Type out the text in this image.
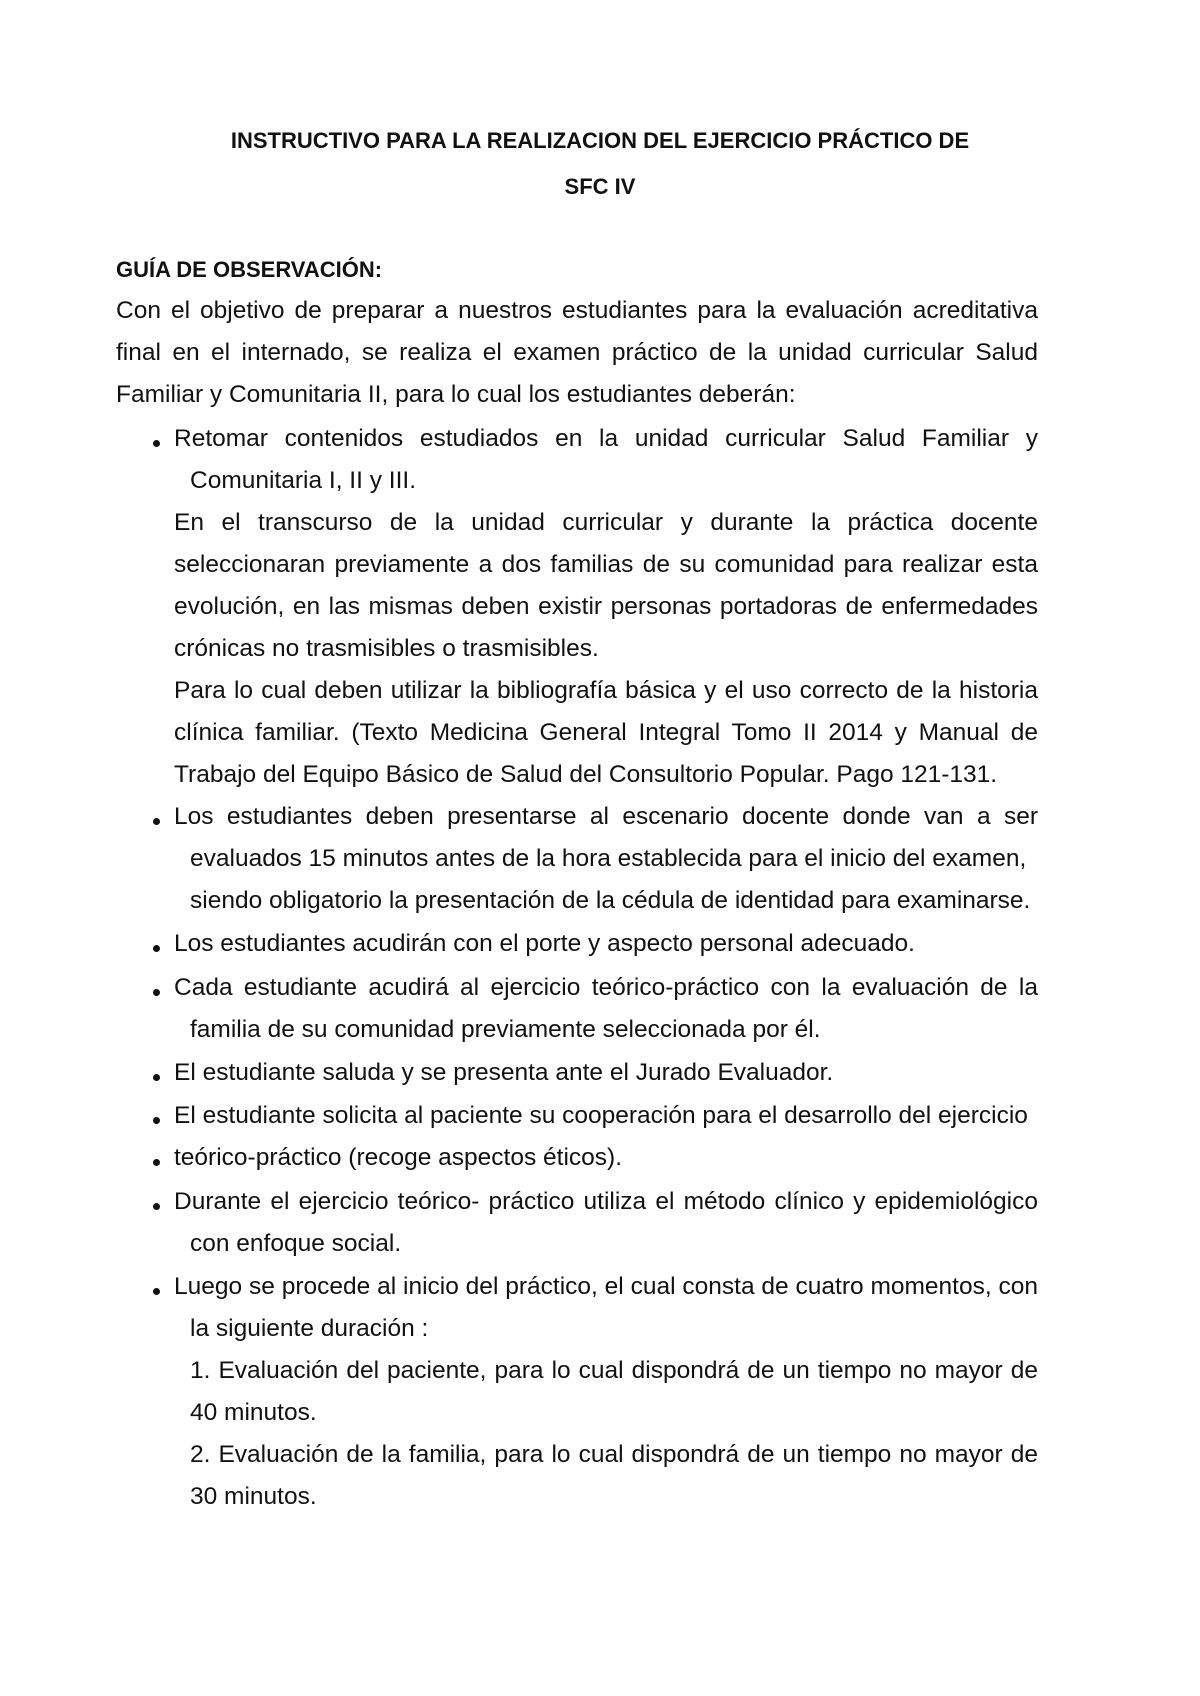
INSTRUCTIVO PARA LA REALIZACION DEL EJERCICIO PRÁCTICO DE
SFC IV
GUÍA DE OBSERVACIÓN:
Con el objetivo de preparar a nuestros estudiantes para la evaluación acreditativa
final en el internado, se realiza el examen práctico de la unidad curricular Salud
Familiar y Comunitaria II, para lo cual los estudiantes deberán:
Retomar contenidos estudiados en la unidad curricular Salud Familiar y
Comunitaria I, II y III.
En el transcurso de la unidad curricular y durante la práctica docente
seleccionaran previamente a dos familias de su comunidad para realizar esta
evolución, en las mismas deben existir personas portadoras de enfermedades
crónicas no trasmisibles o trasmisibles.
Para lo cual deben utilizar la bibliografía básica y el uso correcto de la historia
clínica familiar. (Texto Medicina General Integral Tomo II 2014 y Manual de
Trabajo del Equipo Básico de Salud del Consultorio Popular. Pago 121-131.
Los estudiantes deben presentarse al escenario docente donde van a ser
evaluados 15 minutos antes de la hora establecida para el inicio del examen,
siendo obligatorio la presentación de la cédula de identidad para examinarse.
Los estudiantes acudirán con el porte y aspecto personal adecuado.
Cada estudiante acudirá al ejercicio teórico-práctico con la evaluación de la
familia de su comunidad previamente seleccionada por él.
El estudiante saluda y se presenta ante el Jurado Evaluador.
El estudiante solicita al paciente su cooperación para el desarrollo del ejercicio
teórico-práctico (recoge aspectos éticos).
Durante el ejercicio teórico- práctico utiliza el método clínico y epidemiológico
con enfoque social.
Luego se procede al inicio del práctico, el cual consta de cuatro momentos, con
la siguiente duración :
1. Evaluación del paciente, para lo cual dispondrá de un tiempo no mayor de
40 minutos.
2. Evaluación de la familia, para lo cual dispondrá de un tiempo no mayor de
30 minutos.
